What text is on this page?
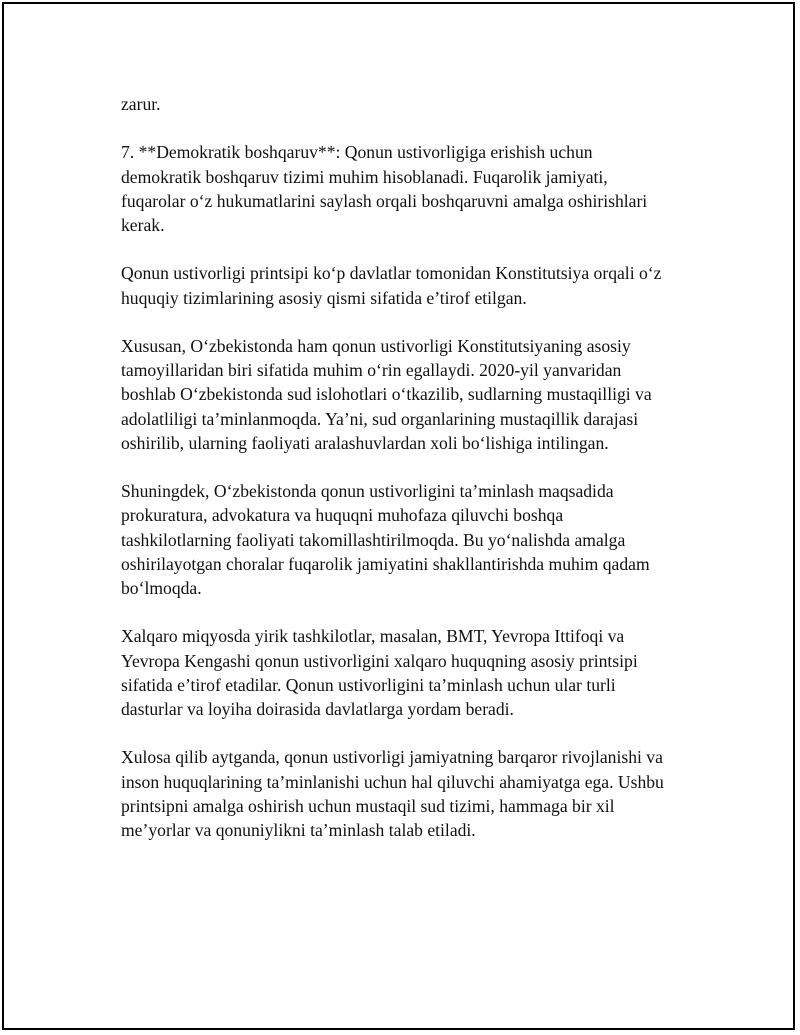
zarur.

7. **Demokratik boshqaruv**: Qonun ustivorligiga erishish uchun
demokratik boshqaruv tizimi muhim hisoblanadi. Fuqarolik jamiyati,
fuqarolar o‘z hukumatlarini saylash orqali boshqaruvni amalga oshirishlari
kerak.

Qonun ustivorligi printsipi ko‘p davlatlar tomonidan Konstitutsiya orqali o‘z
huquqiy tizimlarining asosiy qismi sifatida e’tirof etilgan.

Xususan, O‘zbekistonda ham qonun ustivorligi Konstitutsiyaning asosiy
tamoyillaridan biri sifatida muhim o‘rin egallaydi. 2020-yil yanvaridan
boshlab O‘zbekistonda sud islohotlari o‘tkazilib, sudlarning mustaqilligi va
adolatliligi ta’minlanmoqda. Ya’ni, sud organlarining mustaqillik darajasi
oshirilib, ularning faoliyati aralashuvlardan xoli bo‘lishiga intilingan.

Shuningdek, O‘zbekistonda qonun ustivorligini ta’minlash maqsadida
prokuratura, advokatura va huquqni muhofaza qiluvchi boshqa
tashkilotlarning faoliyati takomillashtirilmoqda. Bu yo‘nalishda amalga
oshirilayotgan choralar fuqarolik jamiyatini shakllantirishda muhim qadam
bo‘lmoqda.

Xalqaro miqyosda yirik tashkilotlar, masalan, BMT, Yevropa Ittifoqi va
Yevropa Kengashi qonun ustivorligini xalqaro huquqning asosiy printsipi
sifatida e’tirof etadilar. Qonun ustivorligini ta’minlash uchun ular turli
dasturlar va loyiha doirasida davlatlarga yordam beradi.

Xulosa qilib aytganda, qonun ustivorligi jamiyatning barqaror rivojlanishi va
inson huquqlarining ta’minlanishi uchun hal qiluvchi ahamiyatga ega. Ushbu
printsipni amalga oshirish uchun mustaqil sud tizimi, hammaga bir xil
me’yorlar va qonuniylikni ta’minlash talab etiladi.
